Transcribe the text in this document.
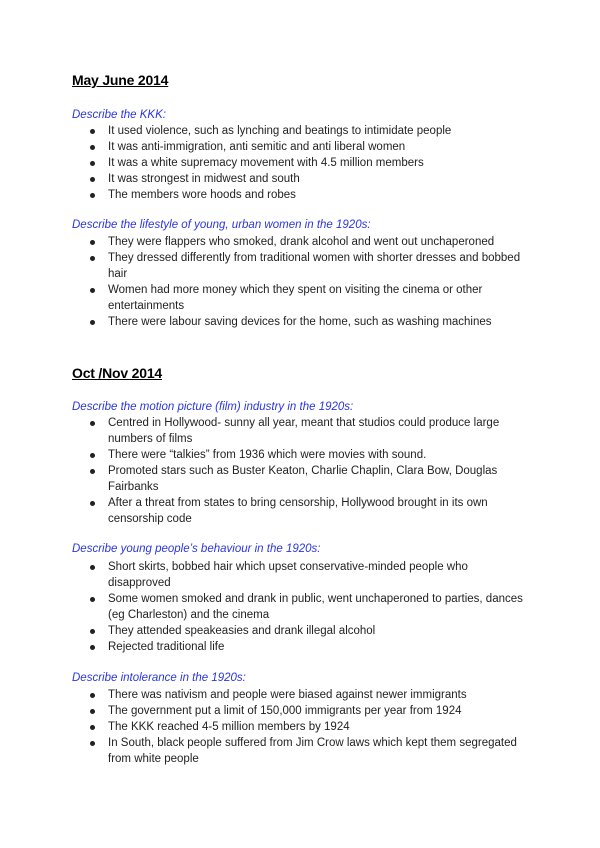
May June 2014
Describe the KKK:
It used violence, such as lynching and beatings to intimidate people
It was anti-immigration, anti semitic and anti liberal women
It was a white supremacy movement with 4.5 million members
It was strongest in midwest and south
The members wore hoods and robes
Describe the lifestyle of young, urban women in the 1920s:
They were flappers who smoked, drank alcohol and went out unchaperoned
They dressed differently from traditional women with shorter dresses and bobbed hair
Women had more money which they spent on visiting the cinema or other entertainments
There were labour saving devices for the home, such as washing machines
Oct /Nov 2014
Describe the motion picture (film) industry in the 1920s:
Centred in Hollywood- sunny all year, meant that studios could produce large numbers of films
There were “talkies” from 1936 which were movies with sound.
Promoted stars such as Buster Keaton, Charlie Chaplin, Clara Bow, Douglas Fairbanks
After a threat from states to bring censorship, Hollywood brought in its own censorship code
Describe young people’s behaviour in the 1920s:
Short skirts, bobbed hair which upset conservative-minded people who disapproved
Some women smoked and drank in public, went unchaperoned to parties, dances (eg Charleston) and the cinema
They attended speakeasies and drank illegal alcohol
Rejected traditional life
Describe intolerance in the 1920s:
There was nativism and people were biased against newer immigrants
The government put a limit of 150,000 immigrants per year from 1924
The KKK reached 4-5 million members by 1924
In South, black people suffered from Jim Crow laws which kept them segregated from white people
